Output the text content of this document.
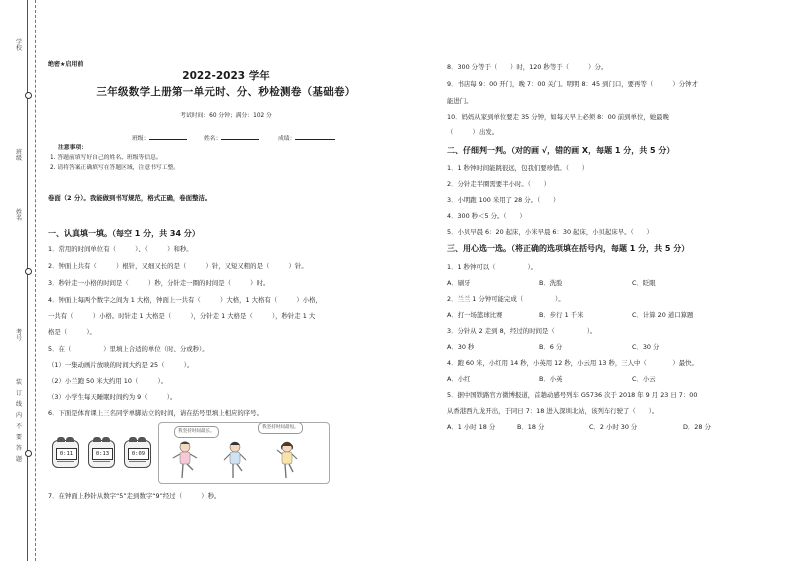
学校
班级
姓名
考号
绝密★启用前
2022-2023 学年
三年级数学上册第一单元时、分、秒检测卷（基础卷）
考试时间：60 分钟；满分：102 分
班级：	姓名：	成绩：
注意事项：
1. 答题前填写好自己的姓名、班级等信息。
2. 请将答案正确填写在答题区域，注意书写工整。
卷面（2 分）。我能做到书写规范，格式正确，卷面整洁。
一、认真填一填。（每空 1 分，共 34 分）
1．常用的时间单位有（　　　）、（　　　）和秒。
2．钟面上共有（　　　）根针，又细又长的是（　　　）针，又短又粗的是（　　　）针。
3．秒针走一小格的时间是（　　　）秒，分针走一圈的时间是（　　　）时。
4．钟面上每两个数字之间为 1 大格，钟面上一共有（　　　）大格，1 大格有（　　　）小格，
一共有（　　　）小格。时针走 1 大格是（　　　），分针走 1 大格是（　　　），秒针走 1 大
格是（　　　）。
5．在（　　　　　）里填上合适的单位（时、分或秒）。
（1）一集动画片放映的时间大约是 25（　　　）。
（2）小兰跑 50 米大约用 10（　　　）。
（3）小学生每天睡眠时间约为 9（　　　）。
6．下面是体育课上三名同学单脚站立的时间，请在括号里填上相应的序号。
0:11	0:13	0:09
我坚持时间最长。
我坚持时间最短。
7．在钟面上秒针从数字“5”走到数字“9”经过（　　　）秒。
8．300 分等于（　　）时，120 秒等于（　　　）分。
9．书店每 9：00 开门，晚 7：00 关门。明明 8：45 到门口，要再等（　　　）分钟才
能进门。
10．妈妈从家到单位要走 35 分钟，如每天早上必须 8：00 前到单位，她最晚
（　　　）出发。
二、仔细判一判。（对的画 √，错的画 X，每题 1 分，共 5 分）
1．1 秒钟时间能跳很远，包我们要珍惜。（　　）
2．分针走半圈需要半小时。（　　）
3．小明跑 100 米用了 28 分。（　　）
4．300 秒＜5 分。（　　）
5．小贝早晨 6：20 起床，小米早晨 6：30 起床，小贝起床早。（　　）
三、用心选一选。（将正确的选项填在括号内，每题 1 分，共 5 分）
1．1 秒钟可以（　　　　　）。
A．刷牙	B．洗脸	C．眨眼
2．兰兰 1 分钟可能完成（　　　　　）。
A．打一场篮球比赛	B．步行 1 千米	C．计算 20 道口算题
3．分针从 2 走到 8，经过的时间是（　　　　　）。
A．30 秒	B．6 分	C．30 分
4．跑 60 米，小红用 14 秒，小英用 12 秒，小云用 13 秒，三人中（　　　　）最快。
A．小红	B．小英	C．小云
5．据中国铁路官方微博报道，首趟动感号列车 G5736 次于 2018 年 9 月 23 日 7：00
从香港西九龙开出，于同日 7：18 进入深圳北站，该列车行驶了（　　）。
A．1 小时 18 分	B．18 分	C．2 小时 30 分	D．28 分
装
订
线
内
不
要
答
题
